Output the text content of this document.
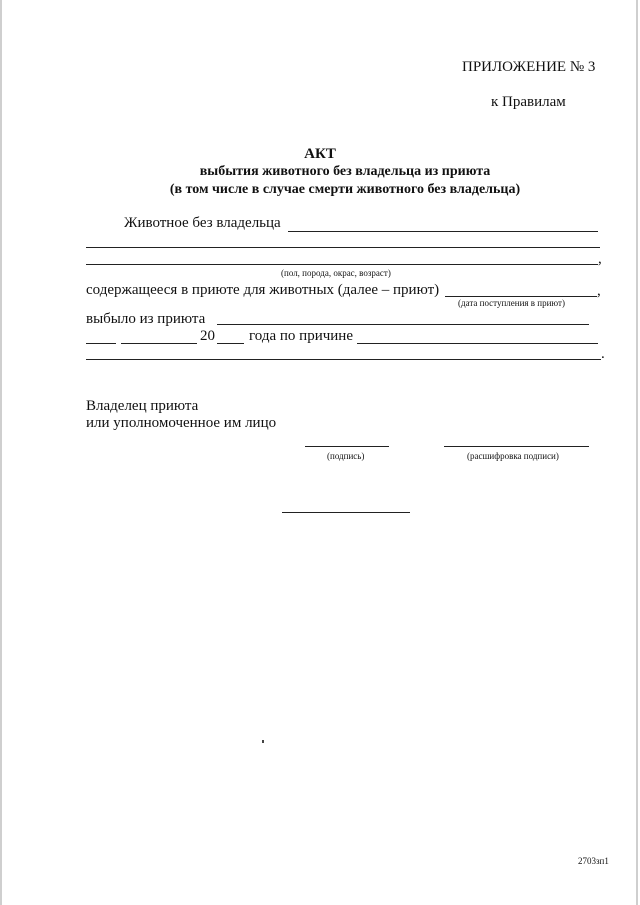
ПРИЛОЖЕНИЕ № 3
к Правилам
АКТ
выбытия животного без владельца из приюта
(в том числе в случае смерти животного без владельца)
Животное без владельца
,
(пол, порода, окрас, возраст)
содержащееся в приюте для животных (далее – приют)	,
(дата поступления в приют)
выбыло из приюта
20 года по причине
.
Владелец приюта
или уполномоченное им лицо
(подпись)	(расшифровка подписи)
2703зп1
